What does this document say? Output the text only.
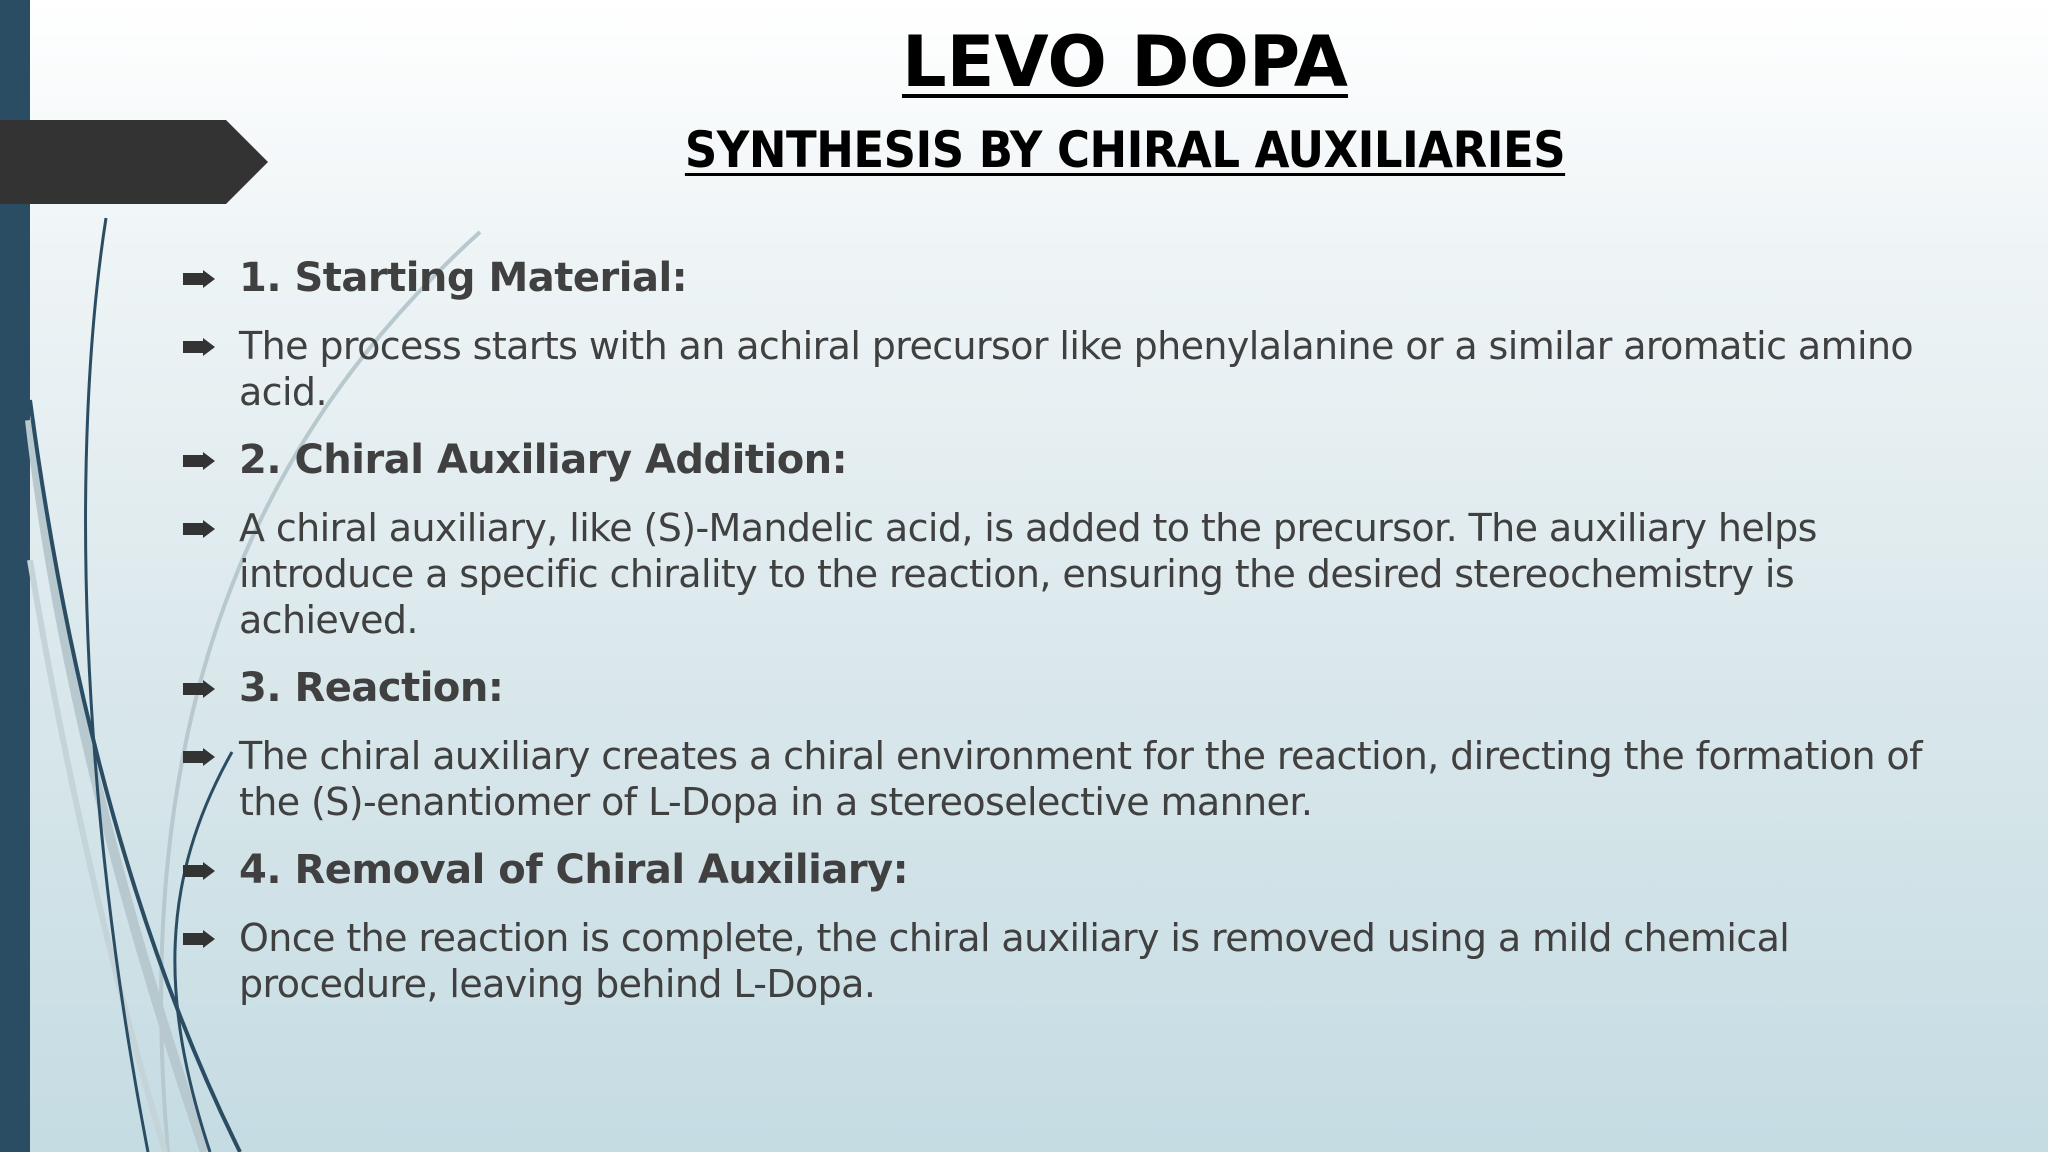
LEVO DOPA
SYNTHESIS BY CHIRAL AUXILIARIES
1. Starting Material:
The process starts with an achiral precursor like phenylalanine or a similar aromatic amino acid.
2. Chiral Auxiliary Addition:
A chiral auxiliary, like (S)-Mandelic acid, is added to the precursor. The auxiliary helps introduce a specific chirality to the reaction, ensuring the desired stereochemistry is achieved.
3. Reaction:
The chiral auxiliary creates a chiral environment for the reaction, directing the formation of the (S)-enantiomer of L-Dopa in a stereoselective manner.
4. Removal of Chiral Auxiliary:
Once the reaction is complete, the chiral auxiliary is removed using a mild chemical procedure, leaving behind L-Dopa.
